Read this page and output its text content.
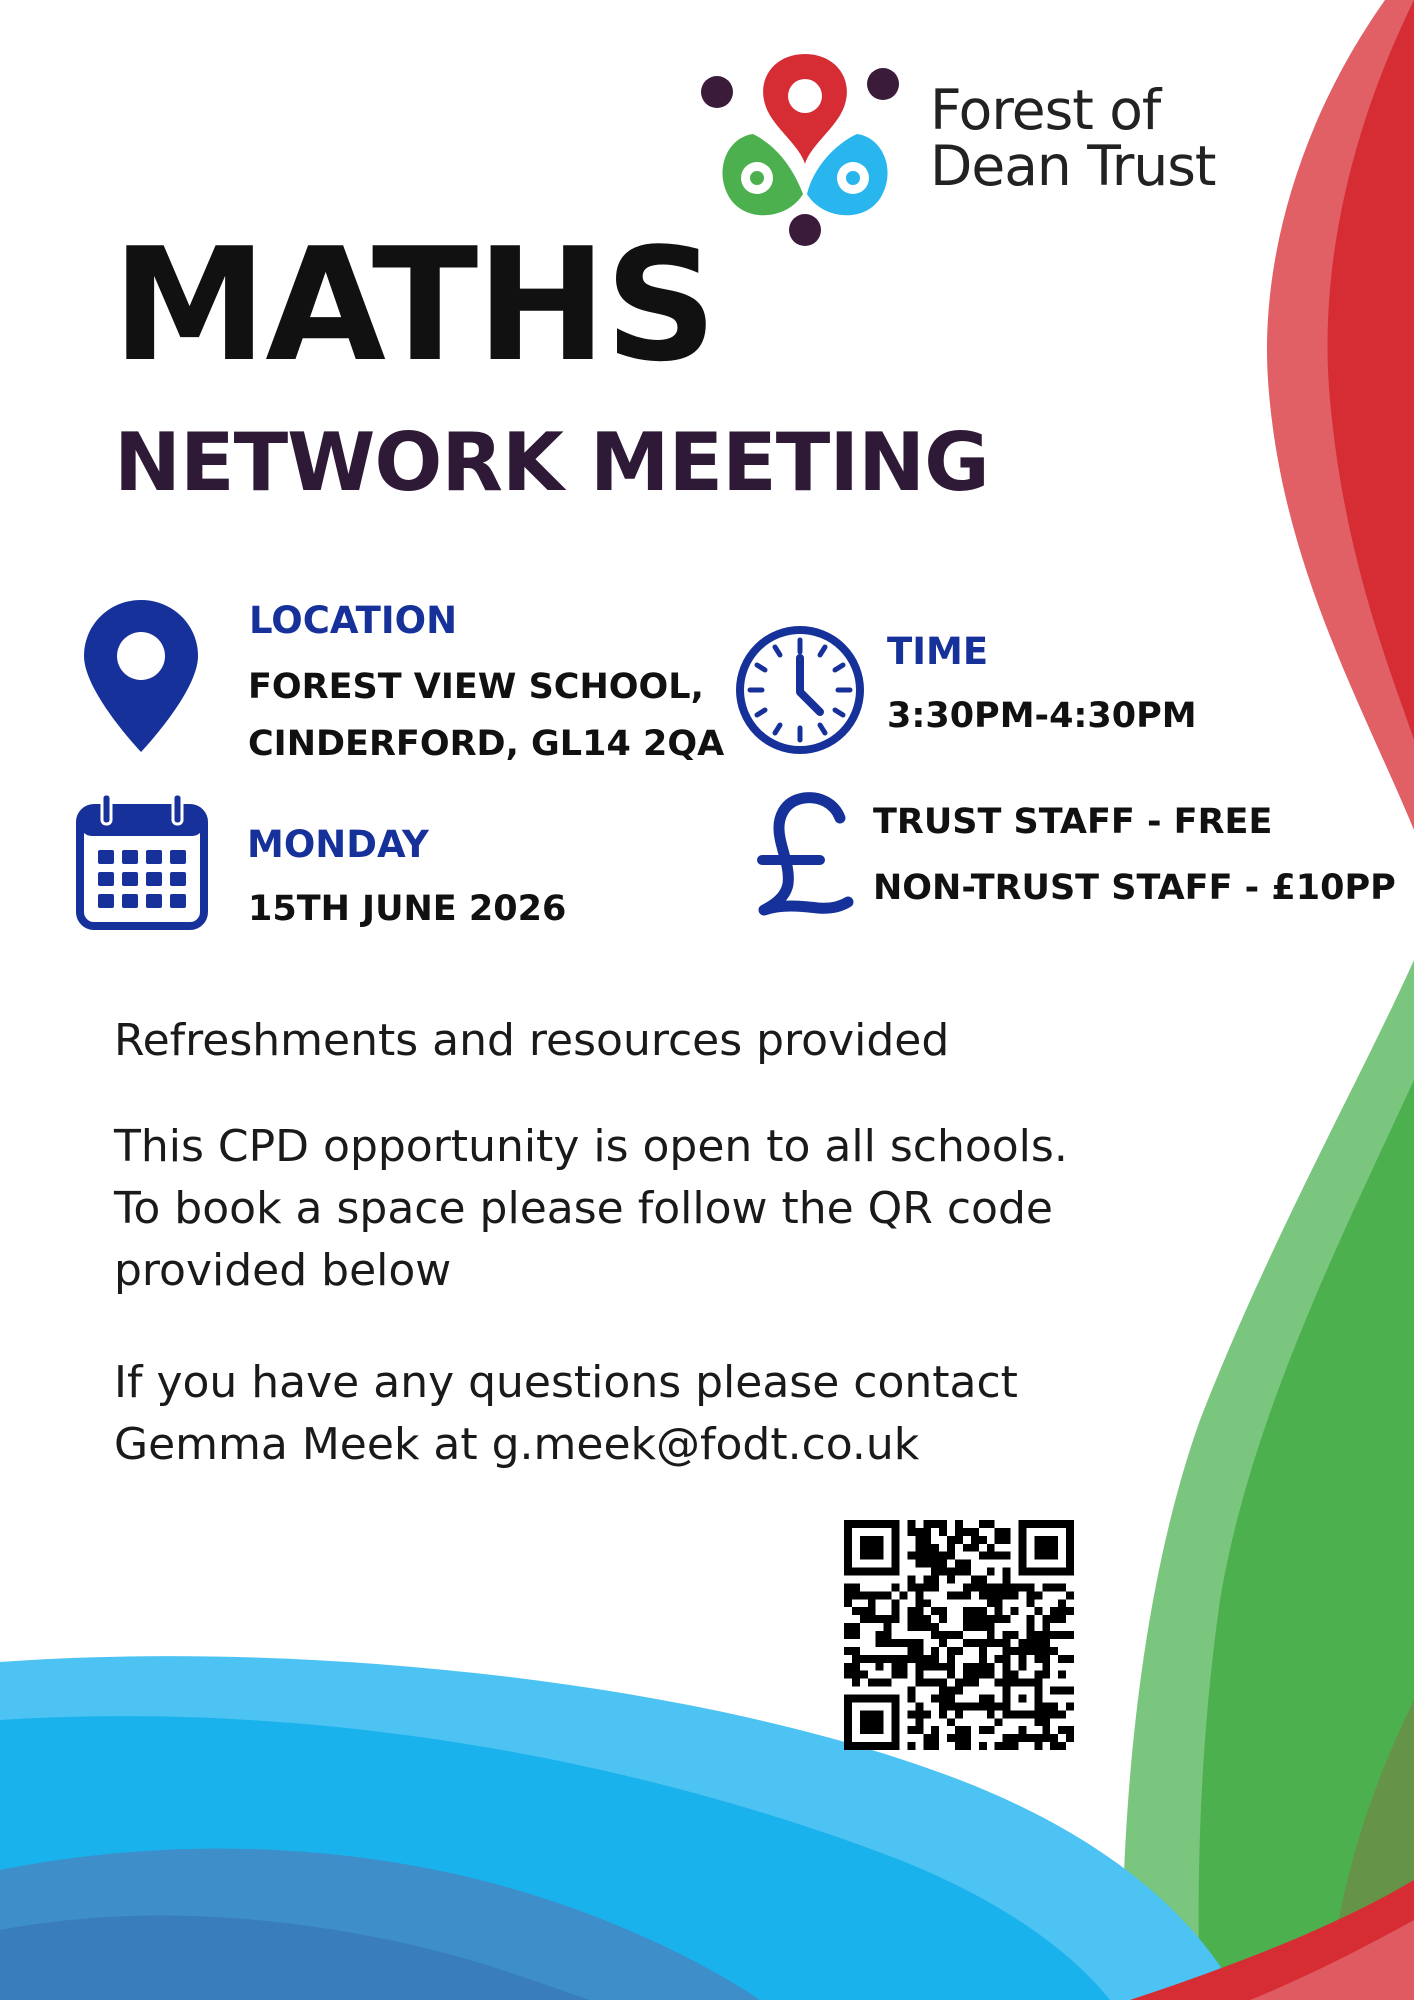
Forest of
Dean Trust
MATHS
NETWORK MEETING
LOCATION
FOREST VIEW SCHOOL,
CINDERFORD, GL14 2QA
TIME
3:30PM-4:30PM
MONDAY
15TH JUNE 2026
TRUST STAFF - FREE
NON-TRUST STAFF - £10PP
Refreshments and resources provided
This CPD opportunity is open to all schools.
To book a space please follow the QR code
provided below
If you have any questions please contact
Gemma Meek at g.meek@fodt.co.uk
